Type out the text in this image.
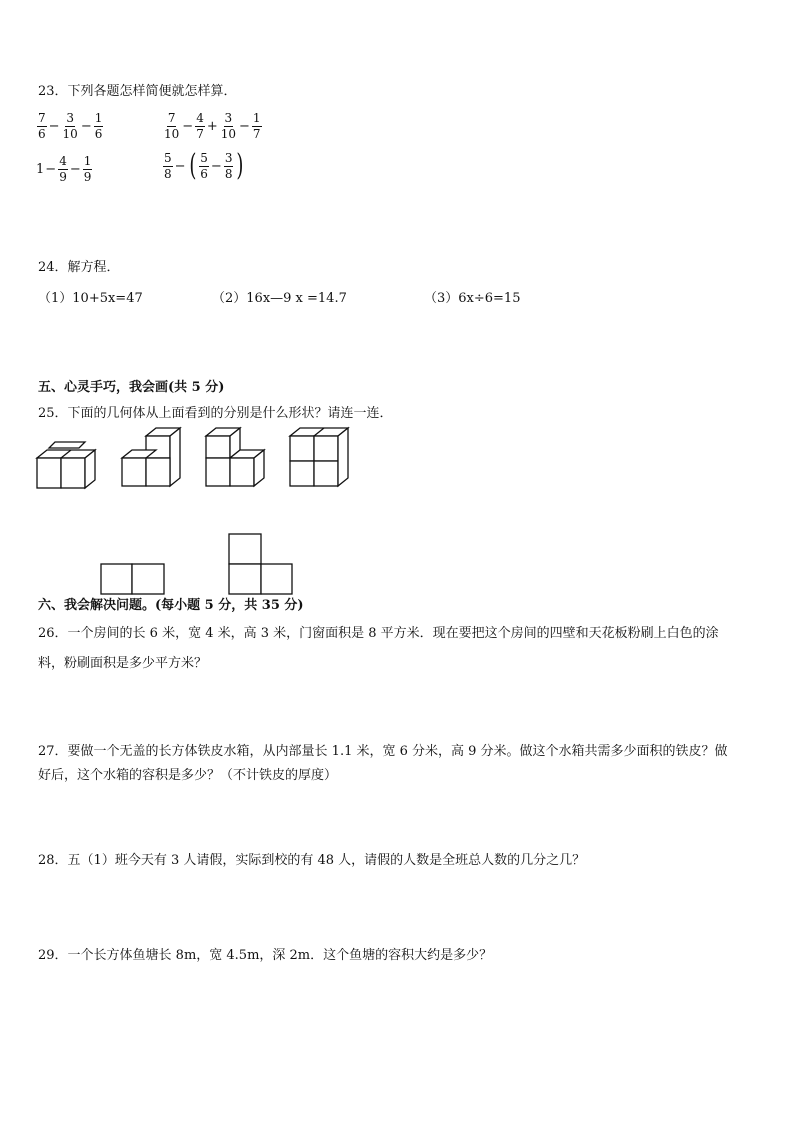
23．下列各题怎样简便就怎样算．
$\frac{7}{6} - \frac{3}{10} - \frac{1}{6}$	$\frac{7}{10} - \frac{4}{7} + \frac{3}{10} - \frac{1}{7}$
$1 - \frac{4}{9} - \frac{1}{9}$	$\frac{5}{8}$ − ( $\frac{5}{6} - \frac{3}{8}$ )
24．解方程．
（1）10+5x=47	（2）16x—9 x =14.7	（3）6x÷6=15
五、心灵手巧，我会画(共 5 分)
25．下面的几何体从上面看到的分别是什么形状？请连一连．
六、我会解决问题。(每小题 5 分，共 35 分)
26．一个房间的长 6 米，宽 4 米，高 3 米，门窗面积是 8 平方米．现在要把这个房间的四壁和天花板粉刷上白色的涂
料，粉刷面积是多少平方米？
27．要做一个无盖的长方体铁皮水箱，从内部量长 1.1 米，宽 6 分米，高 9 分米。做这个水箱共需多少面积的铁皮？做
好后，这个水箱的容积是多少？（不计铁皮的厚度）
28．五（1）班今天有 3 人请假，实际到校的有 48 人，请假的人数是全班总人数的几分之几？
29．一个长方体鱼塘长 8m，宽 4.5m，深 2m．这个鱼塘的容积大约是多少？
